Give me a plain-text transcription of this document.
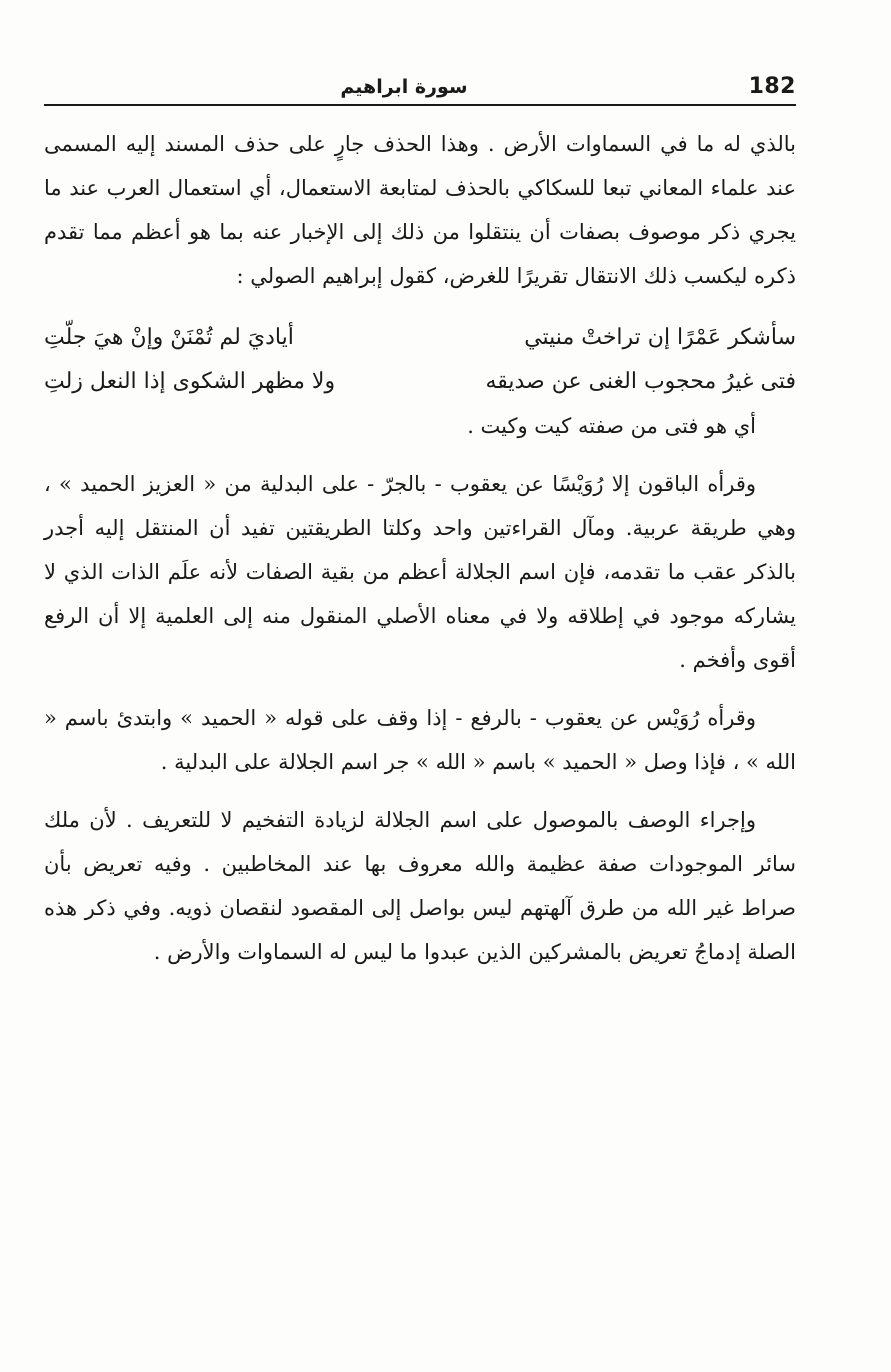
182
سورة ابراهيم

بالذي له ما في السماوات الأرض . وهذا الحذف جارٍ على حذف المسند إليه المسمى عند علماء المعاني تبعا للسكاكي بالحذف لمتابعة الاستعمال، أي استعمال العرب عند ما يجري ذكر موصوف بصفات أن ينتقلوا من ذلك إلى الإخبار عنه بما هو أعظم مما تقدم ذكره ليكسب ذلك الانتقال تقريرًا للغرض، كقول إبراهيم الصولي :

سأشكر عَمْرًا إن تراختْ منيتي
أياديَ لم تُمْنَنْ وإنْ هيَ جلّتِ
فتى غيرُ محجوب الغنى عن صديقه
ولا مظهر الشكوى إذا النعل زلتِ
أي هو فتى من صفته كيت وكيت .

وقرأه الباقون إلا رُوَيْسًا عن يعقوب - بالجرّ - على البدلية من « العزيز الحميد » ، وهي طريقة عربية. ومآل القراءتين واحد وكلتا الطريقتين تفيد أن المنتقل إليه أجدر بالذكر عقب ما تقدمه، فإن اسم الجلالة أعظم من بقية الصفات لأنه علَم الذات الذي لا يشاركه موجود في إطلاقه ولا في معناه الأصلي المنقول منه إلى العلمية إلا أن الرفع أقوى وأفخم .

وقرأه رُوَيْس عن يعقوب - بالرفع - إذا وقف على قوله « الحميد » وابتدئ باسم « الله » ، فإذا وصل « الحميد » باسم « الله » جر اسم الجلالة على البدلية .

وإجراء الوصف بالموصول على اسم الجلالة لزيادة التفخيم لا للتعريف . لأن ملك سائر الموجودات صفة عظيمة والله معروف بها عند المخاطبين . وفيه تعريض بأن صراط غير الله من طرق آلهتهم ليس بواصل إلى المقصود لنقصان ذويه. وفي ذكر هذه الصلة إدماجُ تعريض بالمشركين الذين عبدوا ما ليس له السماوات والأرض .
